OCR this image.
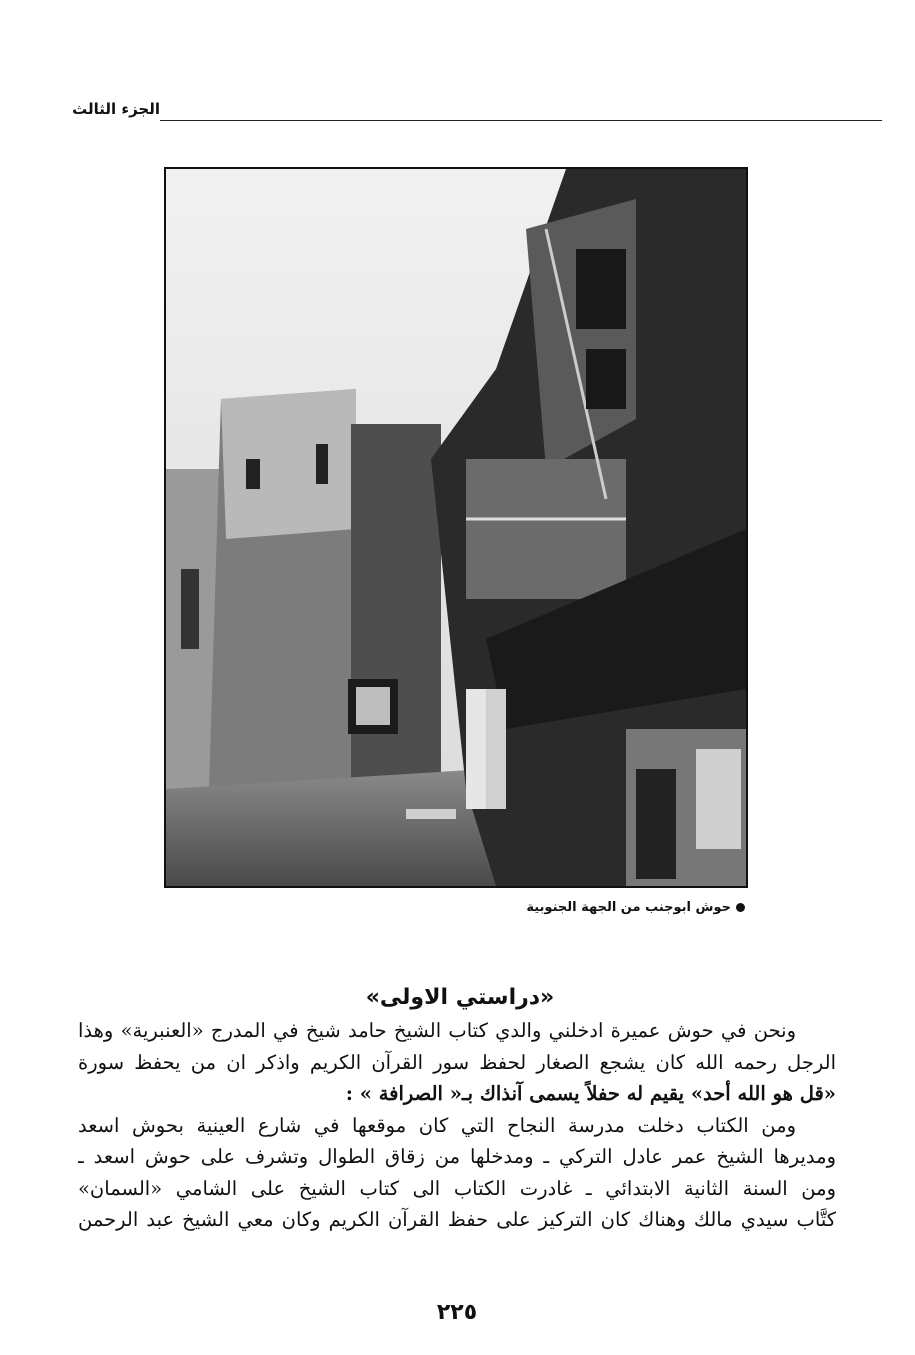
الجزء الثالث
حوش ابوجنب من الجهة الجنوبية
«دراستي الاولى»
ونحن في حوش عميرة ادخلني والدي كتاب الشيخ حامد شيخ في المدرج «العنبرية» وهذا
الرجل رحمه الله كان يشجع الصغار لحفظ سور القرآن الكريم واذكر ان من يحفظ سورة
«قل هو الله أحد» يقيم له حفلاً يسمى آنذاك بـ« الصرافة » :
ومن الكتاب دخلت مدرسة النجاح التي كان موقعها في شارع العينية بحوش اسعد
ومديرها الشيخ عمر عادل التركي ـ ومدخلها من زقاق الطوال وتشرف على حوش اسعد ـ
ومن السنة الثانية الابتدائي ـ غادرت الكتاب الى كتاب الشيخ على الشامي «السمان»
كتَّاب سيدي مالك وهناك كان التركيز على حفظ القرآن الكريم وكان معي الشيخ عبد الرحمن
٢٢٥
